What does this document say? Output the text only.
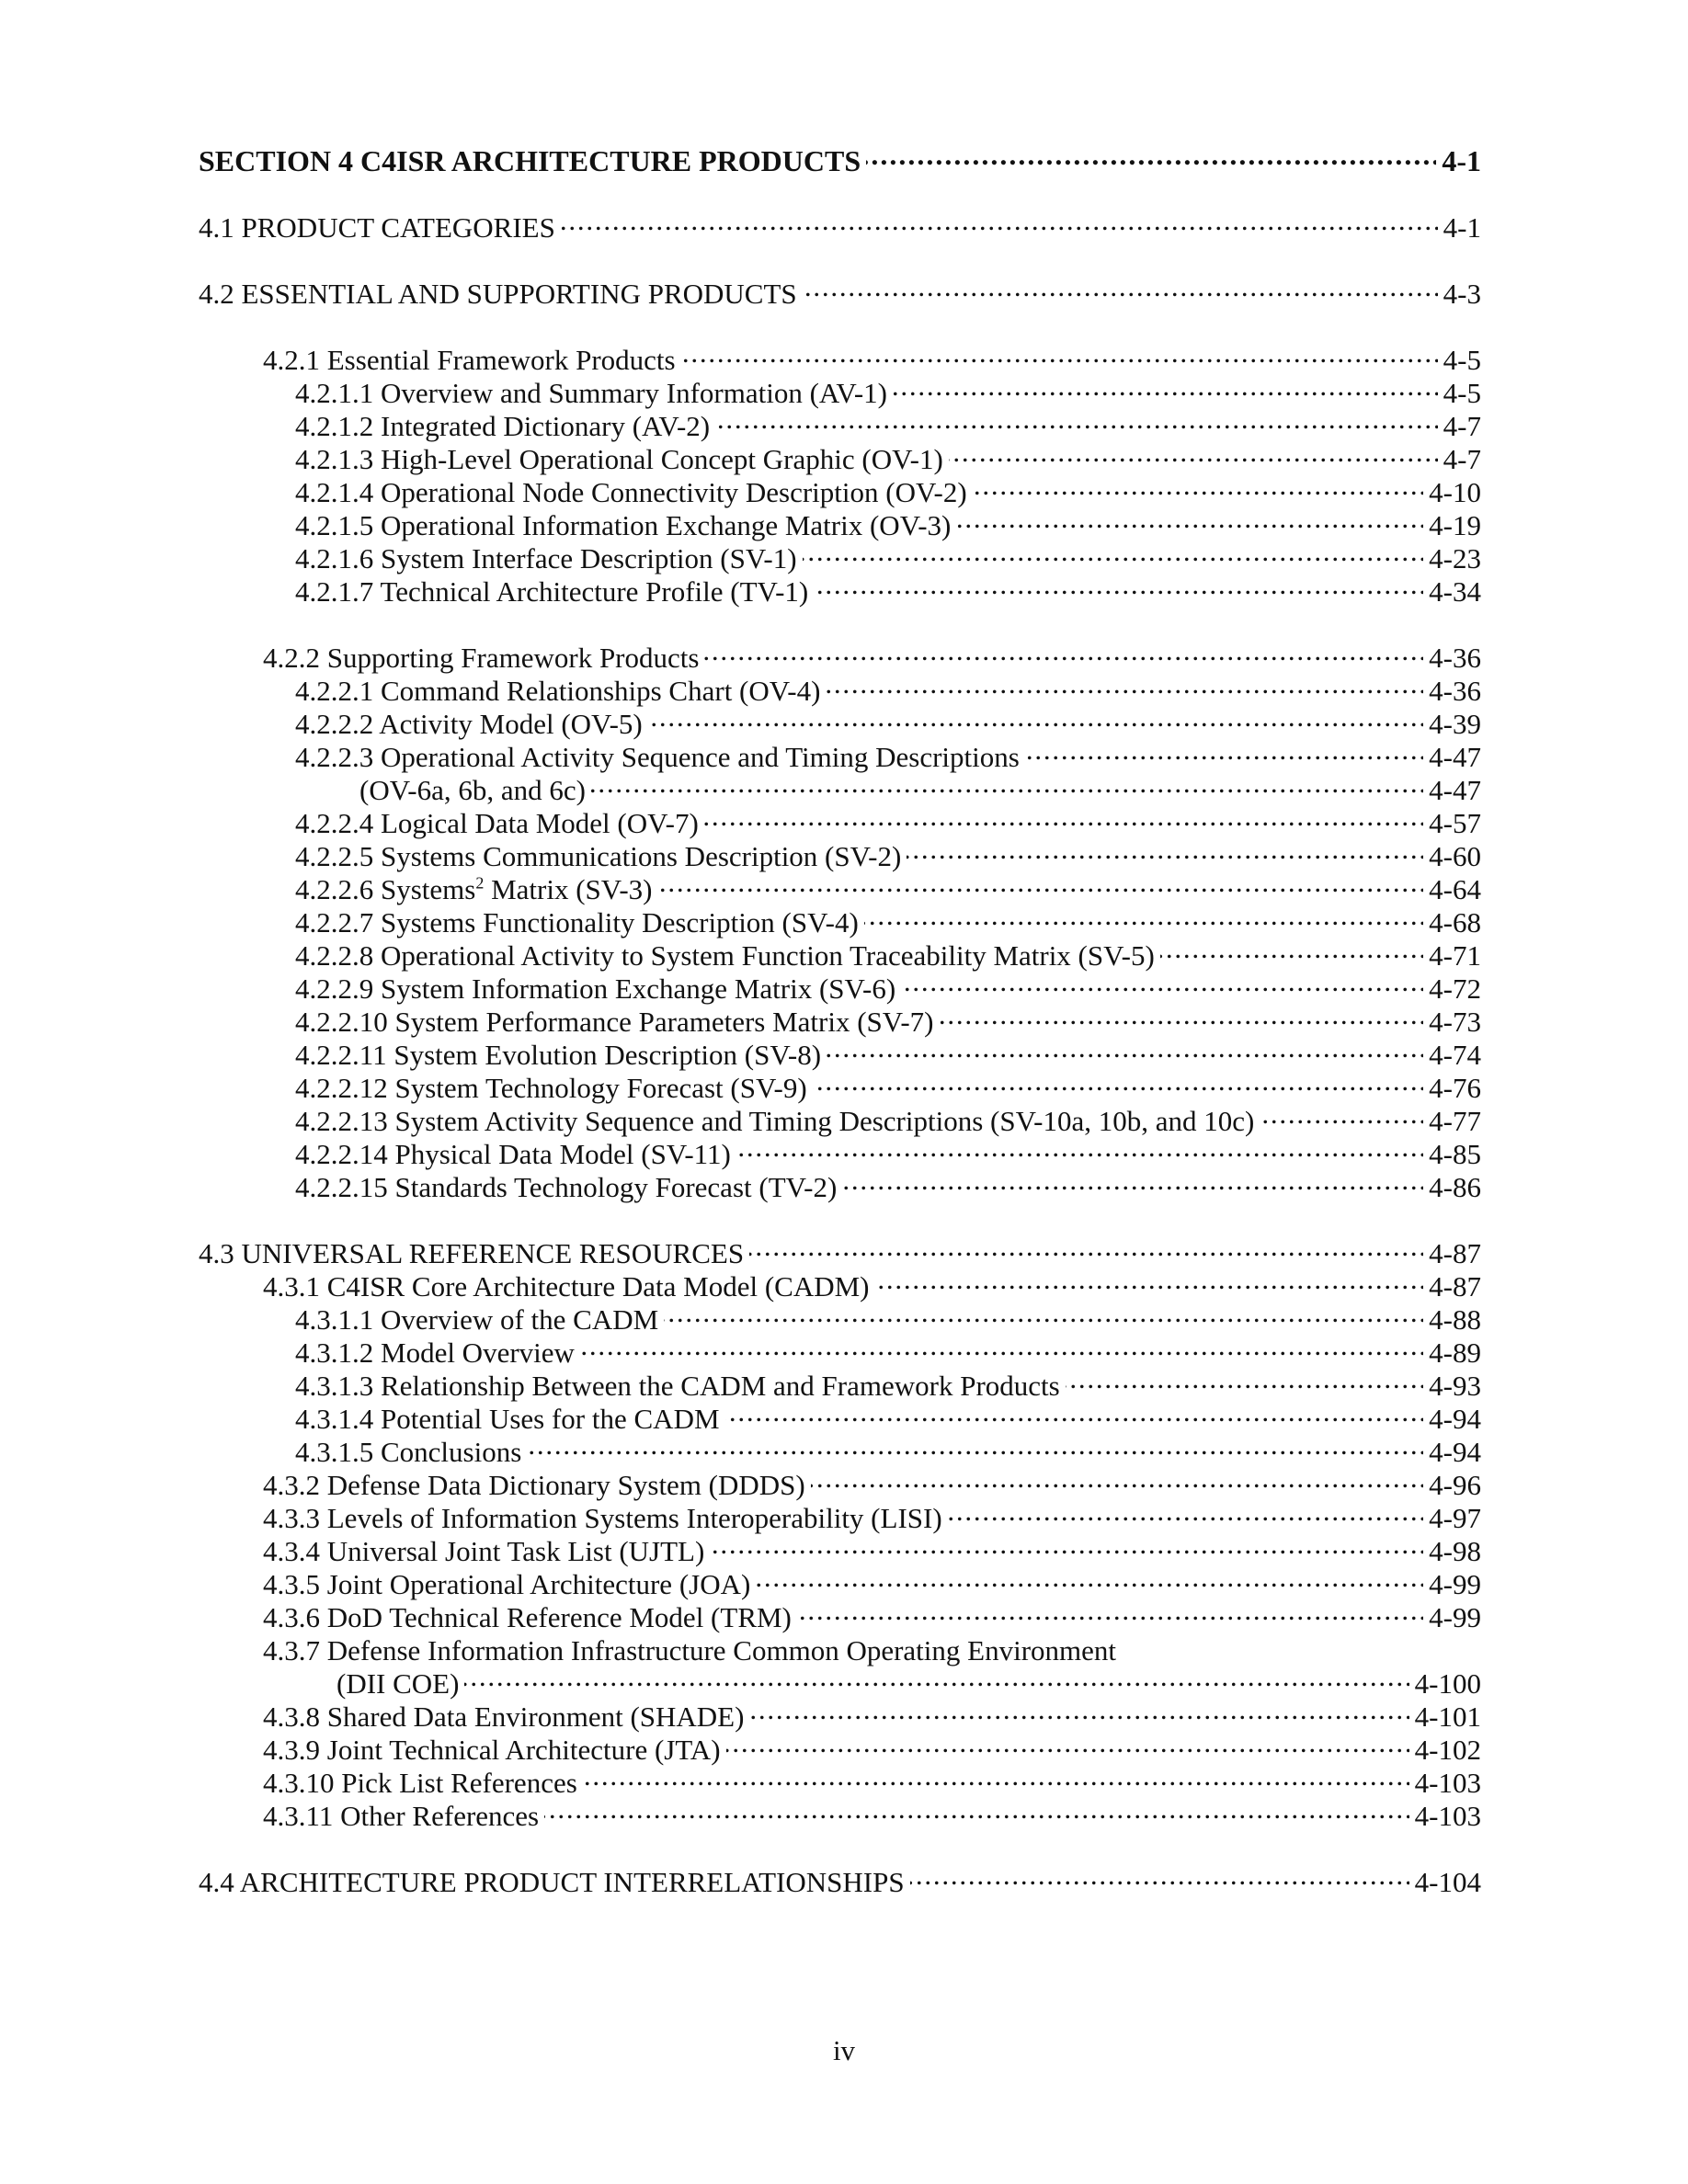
SECTION 4 C4ISR ARCHITECTURE PRODUCTS . . .	4-1
4.1 PRODUCT CATEGORIES . . .	4-1
4.2 ESSENTIAL AND SUPPORTING PRODUCTS . . .	4-3
4.2.1 Essential Framework Products . . .	4-5
4.2.1.1 Overview and Summary Information (AV-1) . . .	4-5
4.2.1.2 Integrated Dictionary (AV-2) . . .	4-7
4.2.1.3 High-Level Operational Concept Graphic (OV-1) . . .	4-7
4.2.1.4 Operational Node Connectivity Description (OV-2) . . .	4-10
4.2.1.5 Operational Information Exchange Matrix (OV-3) . . .	4-19
4.2.1.6 System Interface Description (SV-1) . . .	4-23
4.2.1.7 Technical Architecture Profile (TV-1) . . .	4-34
4.2.2 Supporting Framework Products . . .	4-36
4.2.2.1 Command Relationships Chart (OV-4) . . .	4-36
4.2.2.2 Activity Model (OV-5) . . .	4-39
4.2.2.3 Operational Activity Sequence and Timing Descriptions . . .	4-47
(OV-6a, 6b, and 6c) . . .	4-47
4.2.2.4 Logical Data Model (OV-7) . . .	4-57
4.2.2.5 Systems Communications Description (SV-2) . . .	4-60
4.2.2.6 Systems$^2$ Matrix (SV-3) . . .	4-64
4.2.2.7 Systems Functionality Description (SV-4) . . .	4-68
4.2.2.8 Operational Activity to System Function Traceability Matrix (SV-5) . . .	4-71
4.2.2.9 System Information Exchange Matrix (SV-6) . . .	4-72
4.2.2.10 System Performance Parameters Matrix (SV-7) . . .	4-73
4.2.2.11 System Evolution Description (SV-8) . . .	4-74
4.2.2.12 System Technology Forecast (SV-9) . . .	4-76
4.2.2.13 System Activity Sequence and Timing Descriptions (SV-10a, 10b, and 10c) . . .	4-77
4.2.2.14 Physical Data Model (SV-11) . . .	4-85
4.2.2.15 Standards Technology Forecast (TV-2) . . .	4-86
4.3 UNIVERSAL REFERENCE RESOURCES . . .	4-87
4.3.1 C4ISR Core Architecture Data Model (CADM) . . .	4-87
4.3.1.1 Overview of the CADM . . .	4-88
4.3.1.2 Model Overview . . .	4-89
4.3.1.3 Relationship Between the CADM and Framework Products . . .	4-93
4.3.1.4 Potential Uses for the CADM . . .	4-94
4.3.1.5 Conclusions . . .	4-94
4.3.2 Defense Data Dictionary System (DDDS) . . .	4-96
4.3.3 Levels of Information Systems Interoperability (LISI) . . .	4-97
4.3.4 Universal Joint Task List (UJTL) . . .	4-98
4.3.5 Joint Operational Architecture (JOA) . . .	4-99
4.3.6 DoD Technical Reference Model (TRM) . . .	4-99
4.3.7 Defense Information Infrastructure Common Operating Environment
(DII COE) . . .	4-100
4.3.8 Shared Data Environment (SHADE) . . .	4-101
4.3.9 Joint Technical Architecture (JTA) . . .	4-102
4.3.10 Pick List References . . .	4-103
4.3.11 Other References . . .	4-103
4.4 ARCHITECTURE PRODUCT INTERRELATIONSHIPS . . .	4-104
iv
